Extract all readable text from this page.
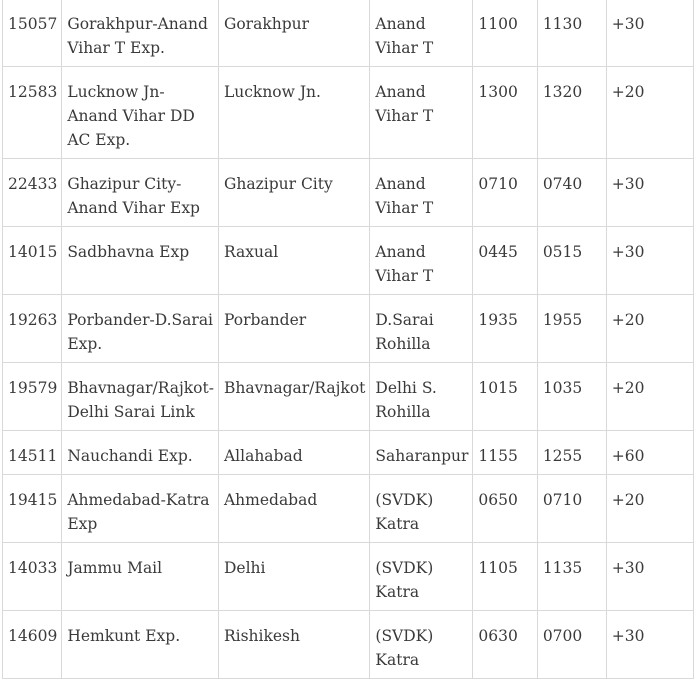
15057	Gorakhpur-Anand Vihar T Exp.	Gorakhpur	Anand Vihar T	1100	1130	+30
12583	Lucknow Jn-Anand Vihar DD AC Exp.	Lucknow Jn.	Anand Vihar T	1300	1320	+20
22433	Ghazipur City-Anand Vihar Exp	Ghazipur City	Anand Vihar T	0710	0740	+30
14015	Sadbhavna Exp	Raxual	Anand Vihar T	0445	0515	+30
19263	Porbander-D.Sarai Exp.	Porbander	D.Sarai Rohilla	1935	1955	+20
19579	Bhavnagar/Rajkot-Delhi Sarai Link	Bhavnagar/Rajkot	Delhi S. Rohilla	1015	1035	+20
14511	Nauchandi Exp.	Allahabad	Saharanpur	1155	1255	+60
19415	Ahmedabad-Katra Exp	Ahmedabad	(SVDK) Katra	0650	0710	+20
14033	Jammu Mail	Delhi	(SVDK) Katra	1105	1135	+30
14609	Hemkunt Exp.	Rishikesh	(SVDK) Katra	0630	0700	+30
